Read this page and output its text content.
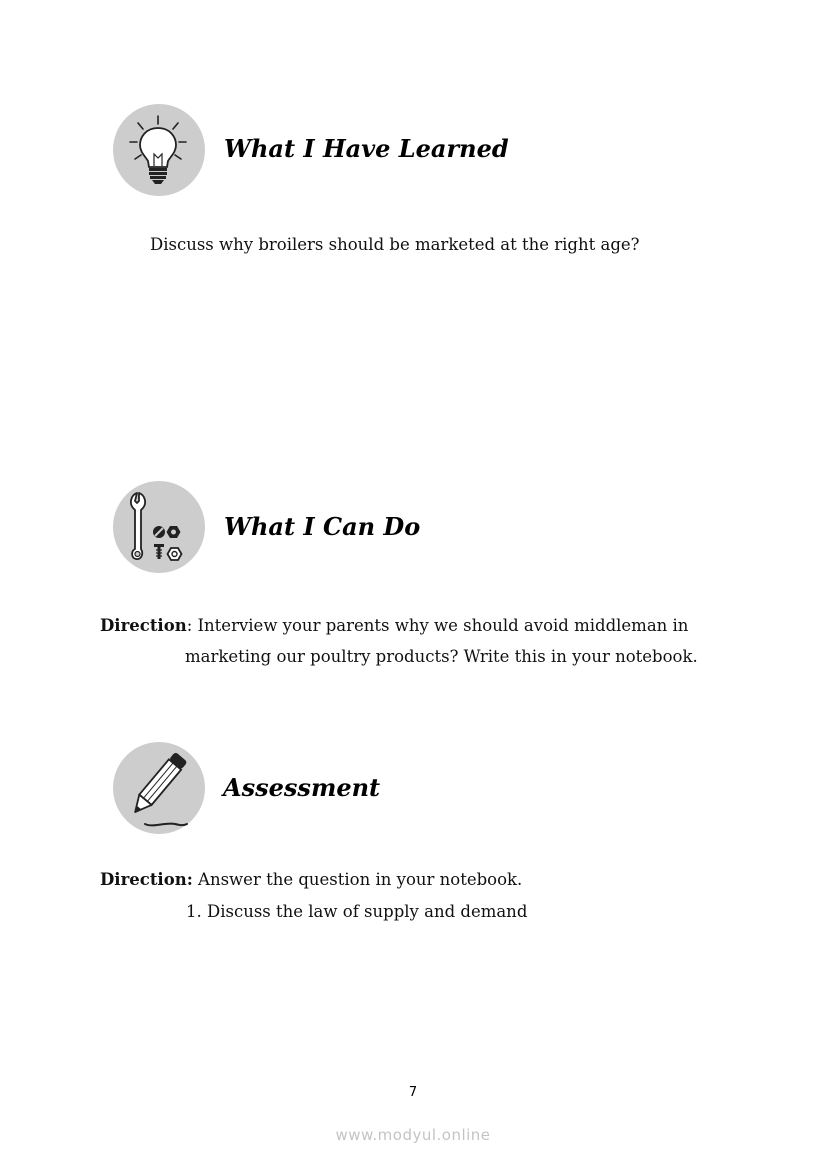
What I Have Learned

Discuss why broilers should be marketed at the right age?

What I Can Do

Direction: Interview your parents why we should avoid middleman in

marketing our poultry products? Write this in your notebook.

Assessment

Direction: Answer the question in your notebook.

1. Discuss the law of supply and demand

7
www.modyul.online
